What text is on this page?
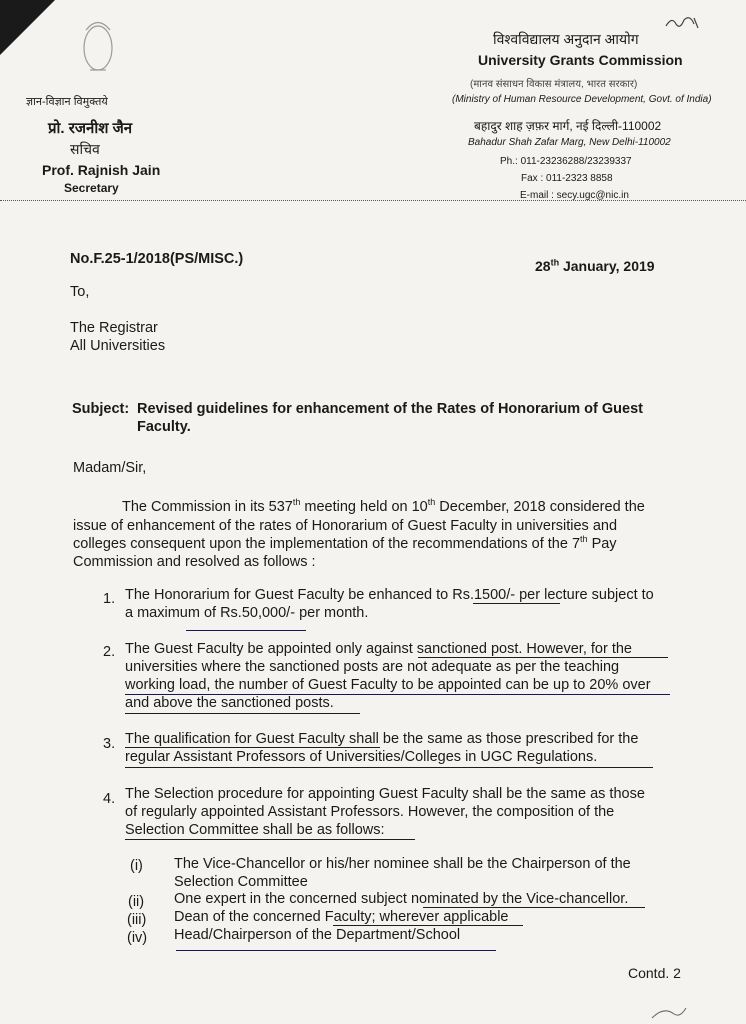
ज्ञान-विज्ञान विमुक्तये
प्रो. रजनीश जैन
सचिव
Prof. Rajnish Jain
Secretary
विश्वविद्यालय अनुदान आयोग
University Grants Commission
(मानव संसाधन विकास मंत्रालय, भारत सरकार)
(Ministry of Human Resource Development, Govt. of India)
बहादुर शाह ज़फ़र मार्ग, नई दिल्ली-110002
Bahadur Shah Zafar Marg, New Delhi-110002
Ph.: 011-23236288/23239337
Fax : 011-2323 8858
E-mail : secy.ugc@nic.in
No.F.25-1/2018(PS/MISC.)	28th January, 2019
To,
The Registrar
All Universities
Subject: Revised guidelines for enhancement of the Rates of Honorarium of Guest
Faculty.
Madam/Sir,
The Commission in its 537th meeting held on 10th December, 2018 considered the
issue of enhancement of the rates of Honorarium of Guest Faculty in universities and
colleges consequent upon the implementation of the recommendations of the 7th Pay
Commission and resolved as follows :
1. The Honorarium for Guest Faculty be enhanced to Rs.1500/- per lecture subject to
a maximum of Rs.50,000/- per month.
2. The Guest Faculty be appointed only against sanctioned post. However, for the
universities where the sanctioned posts are not adequate as per the teaching
working load, the number of Guest Faculty to be appointed can be up to 20% over
and above the sanctioned posts.
3. The qualification for Guest Faculty shall be the same as those prescribed for the
regular Assistant Professors of Universities/Colleges in UGC Regulations.
4. The Selection procedure for appointing Guest Faculty shall be the same as those
of regularly appointed Assistant Professors. However, the composition of the
Selection Committee shall be as follows:
(i) The Vice-Chancellor or his/her nominee shall be the Chairperson of the
Selection Committee
(ii) One expert in the concerned subject nominated by the Vice-chancellor.
(iii) Dean of the concerned Faculty; wherever applicable
(iv) Head/Chairperson of the Department/School
Contd. 2
